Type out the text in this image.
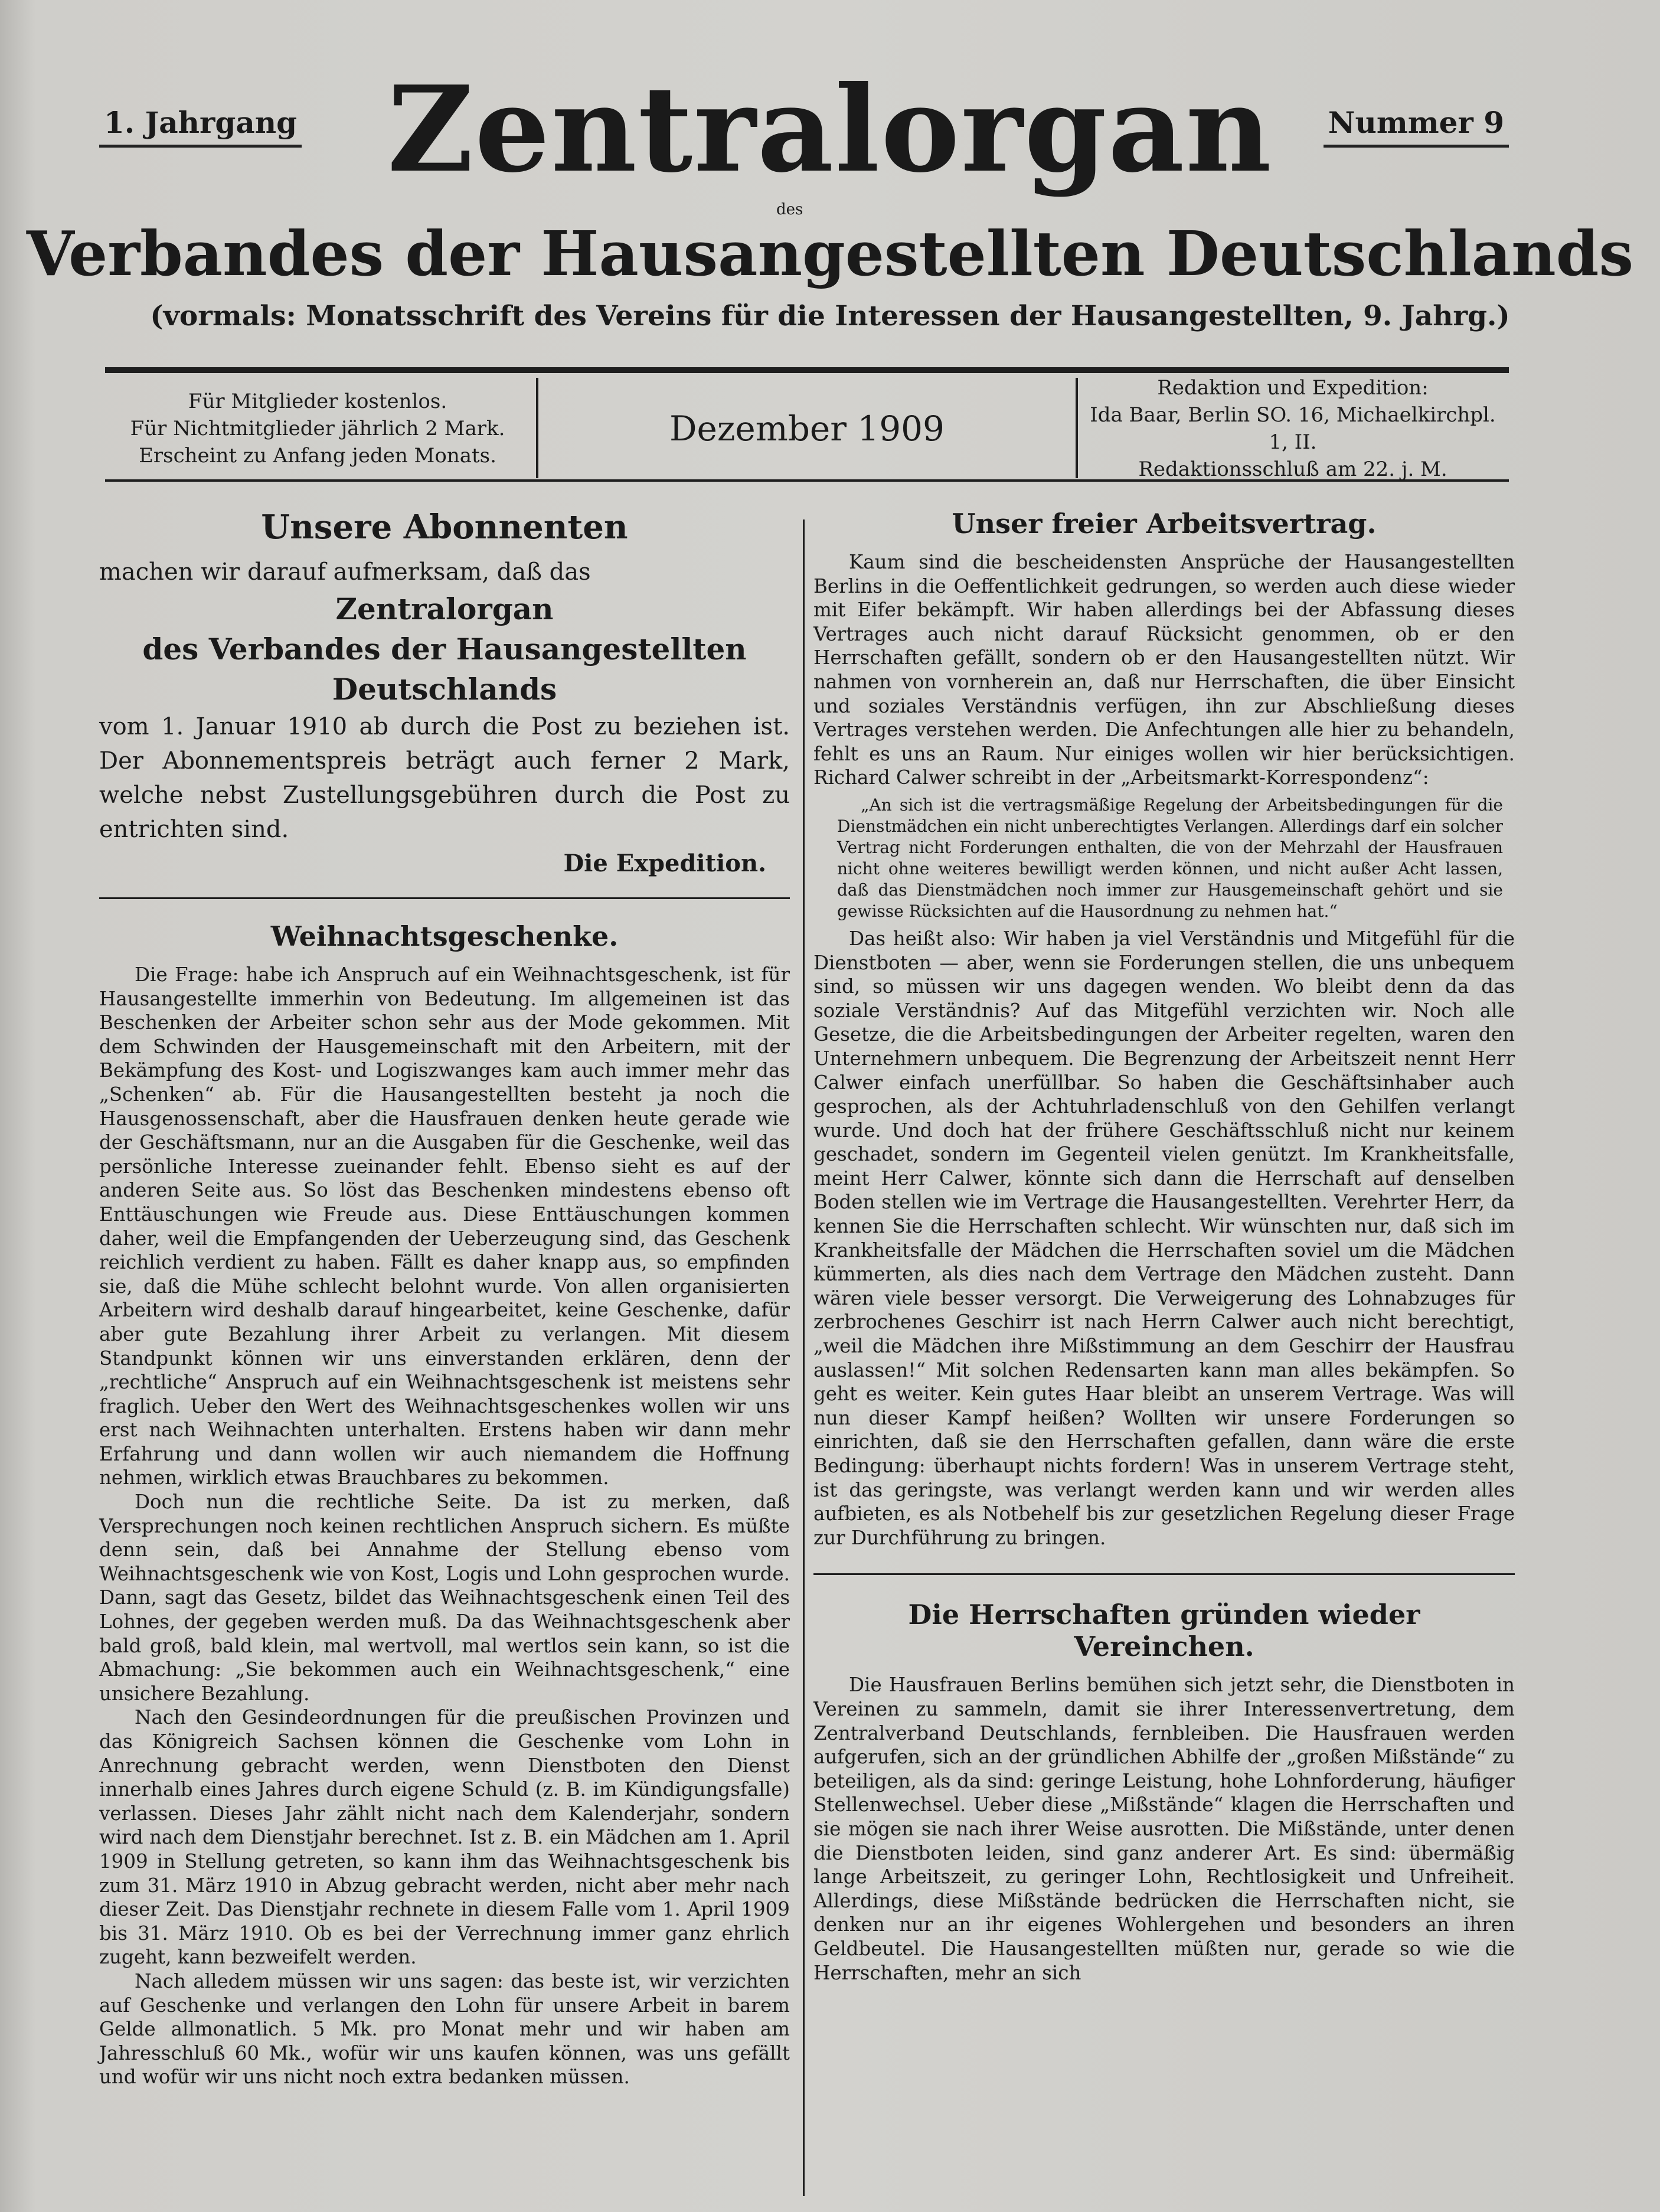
1. Jahrgang Zentralorgan	Nummer 9
des
Verbandes der Hausangestellten Deutschlands
(vormals: Monatsschrift des Vereins für die Interessen der Hausangestellten, 9. Jahrg.)
Für Mitglieder kostenlos.
Für Nichtmitglieder jährlich 2 Mark.
Erscheint zu Anfang jeden Monats.
Dezember 1909
Redaktion und Expedition:
Ida Baar, Berlin SO. 16, Michaelkirchpl. 1, II.
Redaktionsschluß am 22. j. M.
Unsere Abonnenten
machen wir darauf aufmerksam, daß das
Zentralorgan
des Verbandes der Hausangestellten Deutschlands
vom 1. Januar 1910 ab durch die Post zu beziehen ist. Der Abonnementspreis beträgt auch ferner 2 Mark, welche nebst Zustellungsgebühren durch die Post zu entrichten sind.
Die Expedition.
Weihnachtsgeschenke.

Die Frage: habe ich Anspruch auf ein Weihnachtsgeschenk, ist für Hausangestellte immerhin von Bedeutung. Im allgemeinen ist das Beschenken der Arbeiter schon sehr aus der Mode gekommen. Mit dem Schwinden der Hausgemeinschaft mit den Arbeitern, mit der Bekämpfung des Kost- und Logiszwanges kam auch immer mehr das „Schenken“ ab. Für die Hausangestellten besteht ja noch die Hausgenossenschaft, aber die Hausfrauen denken heute gerade wie der Geschäftsmann, nur an die Ausgaben für die Geschenke, weil das persönliche Interesse zueinander fehlt. Ebenso sieht es auf der anderen Seite aus. So löst das Beschenken mindestens ebenso oft Enttäuschungen wie Freude aus. Diese Enttäuschungen kommen daher, weil die Empfangenden der Ueberzeugung sind, das Geschenk reichlich verdient zu haben. Fällt es daher knapp aus, so empfinden sie, daß die Mühe schlecht belohnt wurde. Von allen organisierten Arbeitern wird deshalb darauf hingearbeitet, keine Geschenke, dafür aber gute Bezahlung ihrer Arbeit zu verlangen. Mit diesem Standpunkt können wir uns einverstanden erklären, denn der „rechtliche“ Anspruch auf ein Weihnachtsgeschenk ist meistens sehr fraglich. Ueber den Wert des Weihnachtsgeschenkes wollen wir uns erst nach Weihnachten unterhalten. Erstens haben wir dann mehr Erfahrung und dann wollen wir auch niemandem die Hoffnung nehmen, wirklich etwas Brauchbares zu bekommen.

Doch nun die rechtliche Seite. Da ist zu merken, daß Versprechungen noch keinen rechtlichen Anspruch sichern. Es müßte denn sein, daß bei Annahme der Stellung ebenso vom Weihnachtsgeschenk wie von Kost, Logis und Lohn gesprochen wurde. Dann, sagt das Gesetz, bildet das Weihnachtsgeschenk einen Teil des Lohnes, der gegeben werden muß. Da das Weihnachtsgeschenk aber bald groß, bald klein, mal wertvoll, mal wertlos sein kann, so ist die Abmachung: „Sie bekommen auch ein Weihnachtsgeschenk,“ eine unsichere Bezahlung.

Nach den Gesindeordnungen für die preußischen Provinzen und das Königreich Sachsen können die Geschenke vom Lohn in Anrechnung gebracht werden, wenn Dienstboten den Dienst innerhalb eines Jahres durch eigene Schuld (z. B. im Kündigungsfalle) verlassen. Dieses Jahr zählt nicht nach dem Kalenderjahr, sondern wird nach dem Dienstjahr berechnet. Ist z. B. ein Mädchen am 1. April 1909 in Stellung getreten, so kann ihm das Weihnachtsgeschenk bis zum 31. März 1910 in Abzug gebracht werden, nicht aber mehr nach dieser Zeit. Das Dienstjahr rechnete in diesem Falle vom 1. April 1909 bis 31. März 1910. Ob es bei der Verrechnung immer ganz ehrlich zugeht, kann bezweifelt werden.

Nach alledem müssen wir uns sagen: das beste ist, wir verzichten auf Geschenke und verlangen den Lohn für unsere Arbeit in barem Gelde allmonatlich. 5 Mk. pro Monat mehr und wir haben am Jahresschluß 60 Mk., wofür wir uns kaufen können, was uns gefällt und wofür wir uns nicht noch extra bedanken müssen.

Unser freier Arbeitsvertrag.

Kaum sind die bescheidensten Ansprüche der Hausangestellten Berlins in die Oeffentlichkeit gedrungen, so werden auch diese wieder mit Eifer bekämpft. Wir haben allerdings bei der Abfassung dieses Vertrages auch nicht darauf Rücksicht genommen, ob er den Herrschaften gefällt, sondern ob er den Hausangestellten nützt. Wir nahmen von vornherein an, daß nur Herrschaften, die über Einsicht und soziales Verständnis verfügen, ihn zur Abschließung dieses Vertrages verstehen werden. Die Anfechtungen alle hier zu behandeln, fehlt es uns an Raum. Nur einiges wollen wir hier berücksichtigen. Richard Calwer schreibt in der „Arbeitsmarkt-Korrespondenz“:

„An sich ist die vertragsmäßige Regelung der Arbeitsbedingungen für die Dienstmädchen ein nicht unberechtigtes Verlangen. Allerdings darf ein solcher Vertrag nicht Forderungen enthalten, die von der Mehrzahl der Hausfrauen nicht ohne weiteres bewilligt werden können, und nicht außer Acht lassen, daß das Dienstmädchen noch immer zur Hausgemeinschaft gehört und sie gewisse Rücksichten auf die Hausordnung zu nehmen hat.“

Das heißt also: Wir haben ja viel Verständnis und Mitgefühl für die Dienstboten — aber, wenn sie Forderungen stellen, die uns unbequem sind, so müssen wir uns dagegen wenden. Wo bleibt denn da das soziale Verständnis? Auf das Mitgefühl verzichten wir. Noch alle Gesetze, die die Arbeitsbedingungen der Arbeiter regelten, waren den Unternehmern unbequem. Die Begrenzung der Arbeitszeit nennt Herr Calwer einfach unerfüllbar. So haben die Geschäftsinhaber auch gesprochen, als der Achtuhrladenschluß von den Gehilfen verlangt wurde. Und doch hat der frühere Geschäftsschluß nicht nur keinem geschadet, sondern im Gegenteil vielen genützt. Im Krankheitsfalle, meint Herr Calwer, könnte sich dann die Herrschaft auf denselben Boden stellen wie im Vertrage die Hausangestellten. Verehrter Herr, da kennen Sie die Herrschaften schlecht. Wir wünschten nur, daß sich im Krankheitsfalle der Mädchen die Herrschaften soviel um die Mädchen kümmerten, als dies nach dem Vertrage den Mädchen zusteht. Dann wären viele besser versorgt. Die Verweigerung des Lohnabzuges für zerbrochenes Geschirr ist nach Herrn Calwer auch nicht berechtigt, „weil die Mädchen ihre Mißstimmung an dem Geschirr der Hausfrau auslassen!“ Mit solchen Redensarten kann man alles bekämpfen. So geht es weiter. Kein gutes Haar bleibt an unserem Vertrage. Was will nun dieser Kampf heißen? Wollten wir unsere Forderungen so einrichten, daß sie den Herrschaften gefallen, dann wäre die erste Bedingung: überhaupt nichts fordern! Was in unserem Vertrage steht, ist das geringste, was verlangt werden kann und wir werden alles aufbieten, es als Notbehelf bis zur gesetzlichen Regelung dieser Frage zur Durchführung zu bringen.

Die Herrschaften gründen wieder Vereinchen.

Die Hausfrauen Berlins bemühen sich jetzt sehr, die Dienstboten in Vereinen zu sammeln, damit sie ihrer Interessenvertretung, dem Zentralverband Deutschlands, fernbleiben. Die Hausfrauen werden aufgerufen, sich an der gründlichen Abhilfe der „großen Mißstände“ zu beteiligen, als da sind: geringe Leistung, hohe Lohnforderung, häufiger Stellenwechsel. Ueber diese „Mißstände“ klagen die Herrschaften und sie mögen sie nach ihrer Weise ausrotten. Die Mißstände, unter denen die Dienstboten leiden, sind ganz anderer Art. Es sind: übermäßig lange Arbeitszeit, zu geringer Lohn, Rechtlosigkeit und Unfreiheit. Allerdings, diese Mißstände bedrücken die Herrschaften nicht, sie denken nur an ihr eigenes Wohlergehen und besonders an ihren Geldbeutel. Die Hausangestellten müßten nur, gerade so wie die Herrschaften, mehr an sich
